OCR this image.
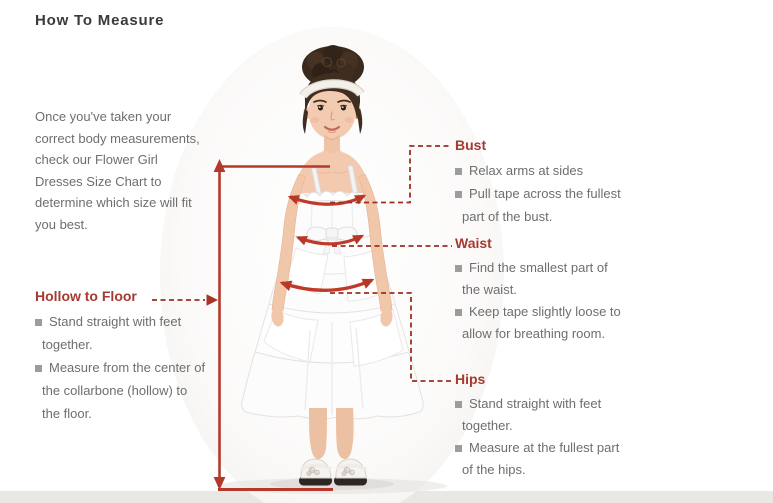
How To Measure
Once you've taken your
correct body measurements,
check our Flower Girl
Dresses Size Chart to
determine which size will fit
you best.
Hollow to Floor
Stand straight with feet
together.
Measure from the center of
the collarbone (hollow) to
the floor.
Bust
Relax arms at sides
Pull tape across the fullest
part of the bust.
Waist
Find the smallest part of
the waist.
Keep tape slightly loose to
allow for breathing room.
Hips
Stand straight with feet
together.
Measure at the fullest part
of the hips.
